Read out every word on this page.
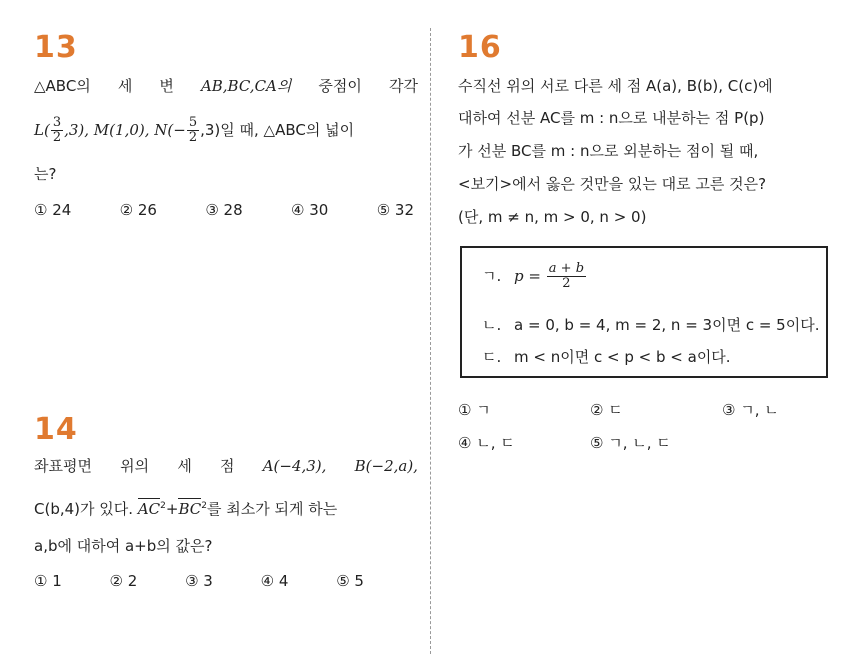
13
△ABC의 세 변 AB,BC,CA의 중점이 각각
$L( \frac{3}{2} ,3)$, M(1,0), $N(- \frac{5}{2} ,3)$일 때, △ABC의 넓이
는?
① 24	② 26	③ 28	④ 30	⑤ 32
14
좌표평면 위의 세 점 A(−4,3), B(−2,a),
C(b,4)가 있다. $AC^2+BC^2$를 최소가 되게 하는
a,b에 대하여 a+b의 값은?
① 1	② 2	③ 3	④ 4	⑤ 5
16
수직선 위의 서로 다른 세 점 A(a), B(b), C(c)에
대하여 선분 AC를 m : n으로 내분하는 점 P(p)
가 선분 BC를 m : n으로 외분하는 점이 될 때,
<보기>에서 옳은 것만을 있는 대로 고른 것은?
(단, m ≠ n, m > 0, n > 0)
ㄱ. $p = \frac{a + b}{2}$
ㄴ. a = 0, b = 4, m = 2, n = 3이면 c = 5이다.
ㄷ. m < n이면 c < p < b < a이다.
① ㄱ	② ㄷ	③ ㄱ, ㄴ
④ ㄴ, ㄷ	⑤ ㄱ, ㄴ, ㄷ
